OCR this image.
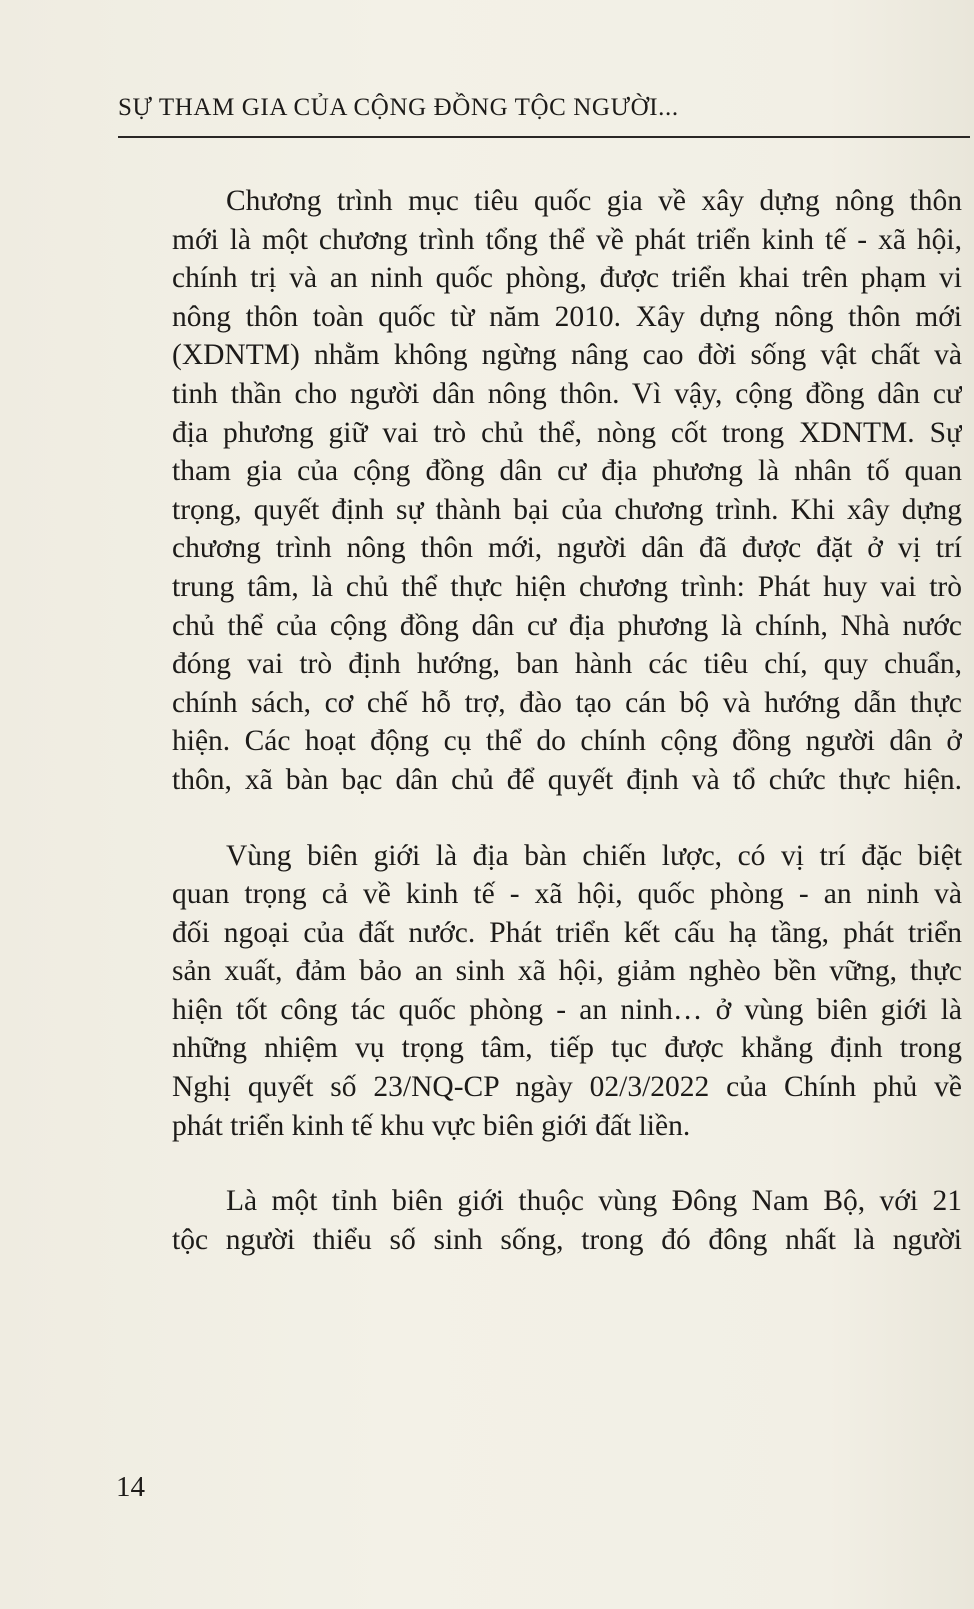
SỰ THAM GIA CỦA CỘNG ĐỒNG TỘC NGƯỜI...
Chương trình mục tiêu quốc gia về xây dựng nông thôn
mới là một chương trình tổng thể về phát triển kinh tế - xã hội,
chính trị và an ninh quốc phòng, được triển khai trên phạm vi
nông thôn toàn quốc từ năm 2010. Xây dựng nông thôn mới
(XDNTM) nhằm không ngừng nâng cao đời sống vật chất và
tinh thần cho người dân nông thôn. Vì vậy, cộng đồng dân cư
địa phương giữ vai trò chủ thể, nòng cốt trong XDNTM. Sự
tham gia của cộng đồng dân cư địa phương là nhân tố quan
trọng, quyết định sự thành bại của chương trình. Khi xây dựng
chương trình nông thôn mới, người dân đã được đặt ở vị trí
trung tâm, là chủ thể thực hiện chương trình: Phát huy vai trò
chủ thể của cộng đồng dân cư địa phương là chính, Nhà nước
đóng vai trò định hướng, ban hành các tiêu chí, quy chuẩn,
chính sách, cơ chế hỗ trợ, đào tạo cán bộ và hướng dẫn thực
hiện. Các hoạt động cụ thể do chính cộng đồng người dân ở
thôn, xã bàn bạc dân chủ để quyết định và tổ chức thực hiện.
Vùng biên giới là địa bàn chiến lược, có vị trí đặc biệt
quan trọng cả về kinh tế - xã hội, quốc phòng - an ninh và
đối ngoại của đất nước. Phát triển kết cấu hạ tầng, phát triển
sản xuất, đảm bảo an sinh xã hội, giảm nghèo bền vững, thực
hiện tốt công tác quốc phòng - an ninh… ở vùng biên giới là
những nhiệm vụ trọng tâm, tiếp tục được khẳng định trong
Nghị quyết số 23/NQ-CP ngày 02/3/2022 của Chính phủ về
phát triển kinh tế khu vực biên giới đất liền.
Là một tỉnh biên giới thuộc vùng Đông Nam Bộ, với 21
tộc người thiểu số sinh sống, trong đó đông nhất là người
14
